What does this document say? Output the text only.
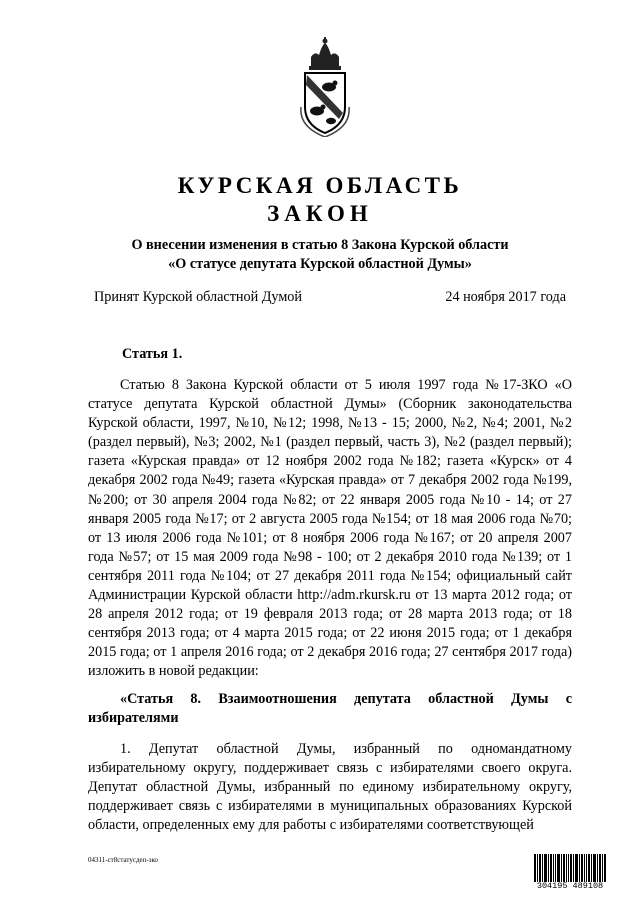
КУРСКАЯ ОБЛАСТЬ
ЗАКОН
О внесении изменения в статью 8 Закона Курской области
«О статусе депутата Курской областной Думы»
Принят Курской областной Думой	24 ноября 2017 года
Статья 1.

Статью 8 Закона Курской области от 5 июля 1997 года №17-ЗКО «О статусе депутата Курской областной Думы» (Сборник законодательства Курской области, 1997, №10, №12; 1998, №13 - 15; 2000, №2, №4; 2001, №2 (раздел первый), №3; 2002, №1 (раздел первый, часть 3), №2 (раздел первый); газета «Курская правда» от 12 ноября 2002 года №182; газета «Курск» от 4 декабря 2002 года №49; газета «Курская правда» от 7 декабря 2002 года №199, №200; от 30 апреля 2004 года №82; от 22 января 2005 года №10 - 14; от 27 января 2005 года №17; от 2 августа 2005 года №154; от 18 мая 2006 года №70; от 13 июля 2006 года №101; от 8 ноября 2006 года №167; от 20 апреля 2007 года №57; от 15 мая 2009 года №98 - 100; от 2 декабря 2010 года №139; от 1 сентября 2011 года №104; от 27 декабря 2011 года №154; официальный сайт Администрации Курской области http://adm.rkursk.ru от 13 марта 2012 года; от 28 апреля 2012 года; от 19 февраля 2013 года; от 28 марта 2013 года; от 18 сентября 2013 года; от 4 марта 2015 года; от 22 июня 2015 года; от 1 декабря 2015 года; от 1 апреля 2016 года; от 2 декабря 2016 года; 27 сентября 2017 года) изложить в новой редакции:

«Статья 8. Взаимоотношения депутата областной Думы с избирателями

1. Депутат областной Думы, избранный по одномандатному избирательному округу, поддерживает связь с избирателями своего округа. Депутат областной Думы, избранный по единому избирательному округу, поддерживает связь с избирателями в муниципальных образованиях Курской области, определенных ему для работы с избирателями соответствующей

04311-ст8статусдеп-зко
304195 489108
